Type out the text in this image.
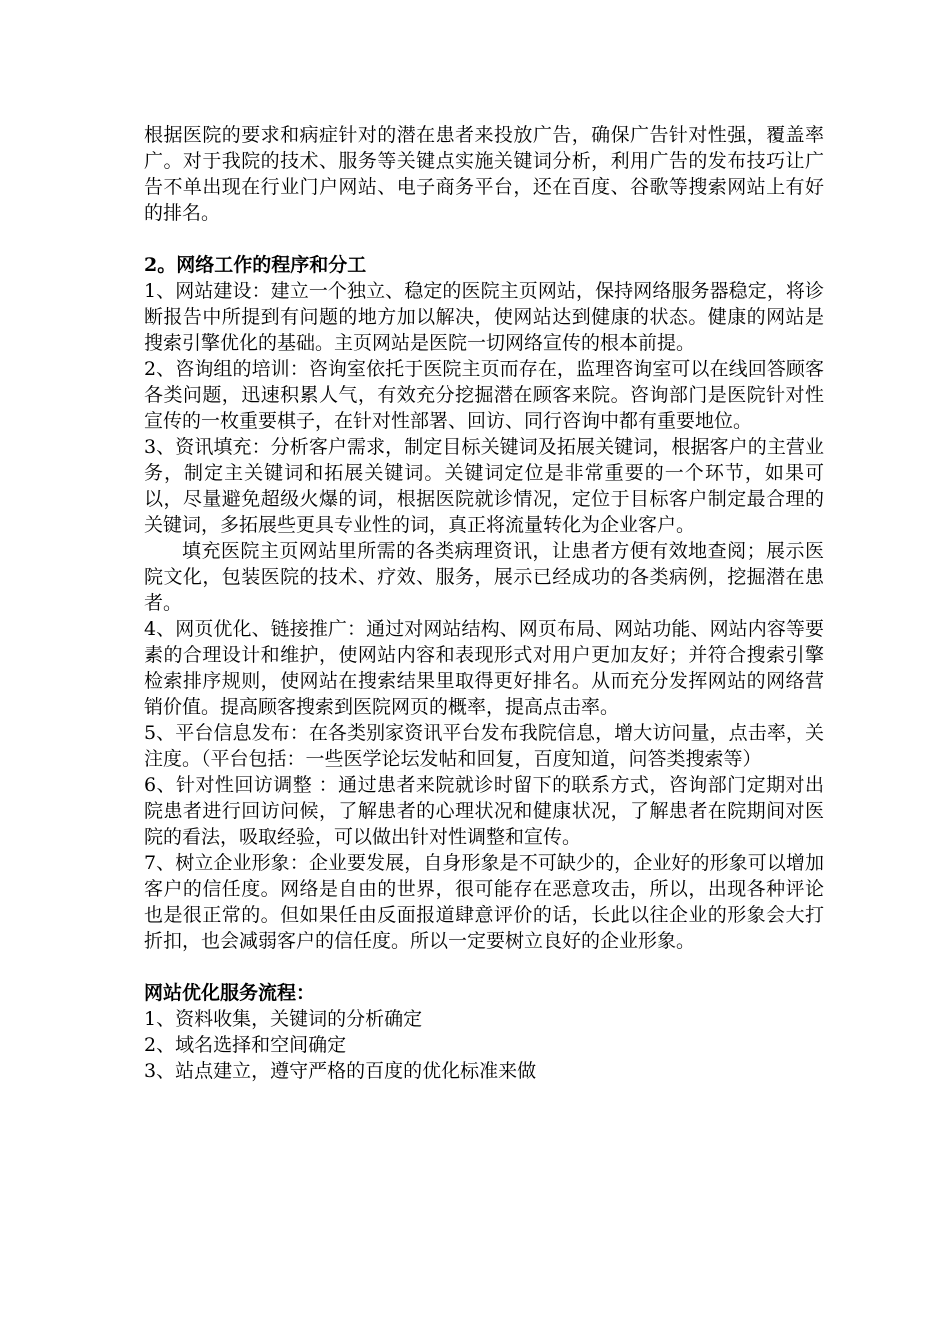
根据医院的要求和病症针对的潜在患者来投放广告，确保广告针对性强，覆盖率广。对于我院的技术、服务等关键点实施关键词分析，利用广告的发布技巧让广告不单出现在行业门户网站、电子商务平台，还在百度、谷歌等搜索网站上有好的排名。

2。网络工作的程序和分工

1、网站建设：建立一个独立、稳定的医院主页网站，保持网络服务器稳定，将诊断报告中所提到有问题的地方加以解决，使网站达到健康的状态。健康的网站是搜索引擎优化的基础。主页网站是医院一切网络宣传的根本前提。

2、咨询组的培训：咨询室依托于医院主页而存在，监理咨询室可以在线回答顾客各类问题，迅速积累人气，有效充分挖掘潜在顾客来院。咨询部门是医院针对性宣传的一枚重要棋子，在针对性部署、回访、同行咨询中都有重要地位。

3、资讯填充：分析客户需求，制定目标关键词及拓展关键词，根据客户的主营业务，制定主关键词和拓展关键词。关键词定位是非常重要的一个环节，如果可以，尽量避免超级火爆的词，根据医院就诊情况，定位于目标客户制定最合理的关键词，多拓展些更具专业性的词，真正将流量转化为企业客户。

填充医院主页网站里所需的各类病理资讯，让患者方便有效地查阅；展示医院文化，包装医院的技术、疗效、服务，展示已经成功的各类病例，挖掘潜在患者。

4、网页优化、链接推广：通过对网站结构、网页布局、网站功能、网站内容等要素的合理设计和维护，使网站内容和表现形式对用户更加友好；并符合搜索引擎检索排序规则，使网站在搜索结果里取得更好排名。从而充分发挥网站的网络营销价值。提高顾客搜索到医院网页的概率，提高点击率。

5、平台信息发布：在各类别家资讯平台发布我院信息，增大访问量，点击率，关注度。（平台包括：一些医学论坛发帖和回复，百度知道，问答类搜索等）

6、针对性回访调整 ：通过患者来院就诊时留下的联系方式，咨询部门定期对出院患者进行回访问候，了解患者的心理状况和健康状况，了解患者在院期间对医院的看法，吸取经验，可以做出针对性调整和宣传。

7、树立企业形象：企业要发展，自身形象是不可缺少的，企业好的形象可以增加客户的信任度。网络是自由的世界，很可能存在恶意攻击，所以，出现各种评论也是很正常的。但如果任由反面报道肆意评价的话，长此以往企业的形象会大打折扣，也会减弱客户的信任度。所以一定要树立良好的企业形象。

网站优化服务流程：

1、资料收集，关键词的分析确定

2、域名选择和空间确定

3、站点建立，遵守严格的百度的优化标准来做
